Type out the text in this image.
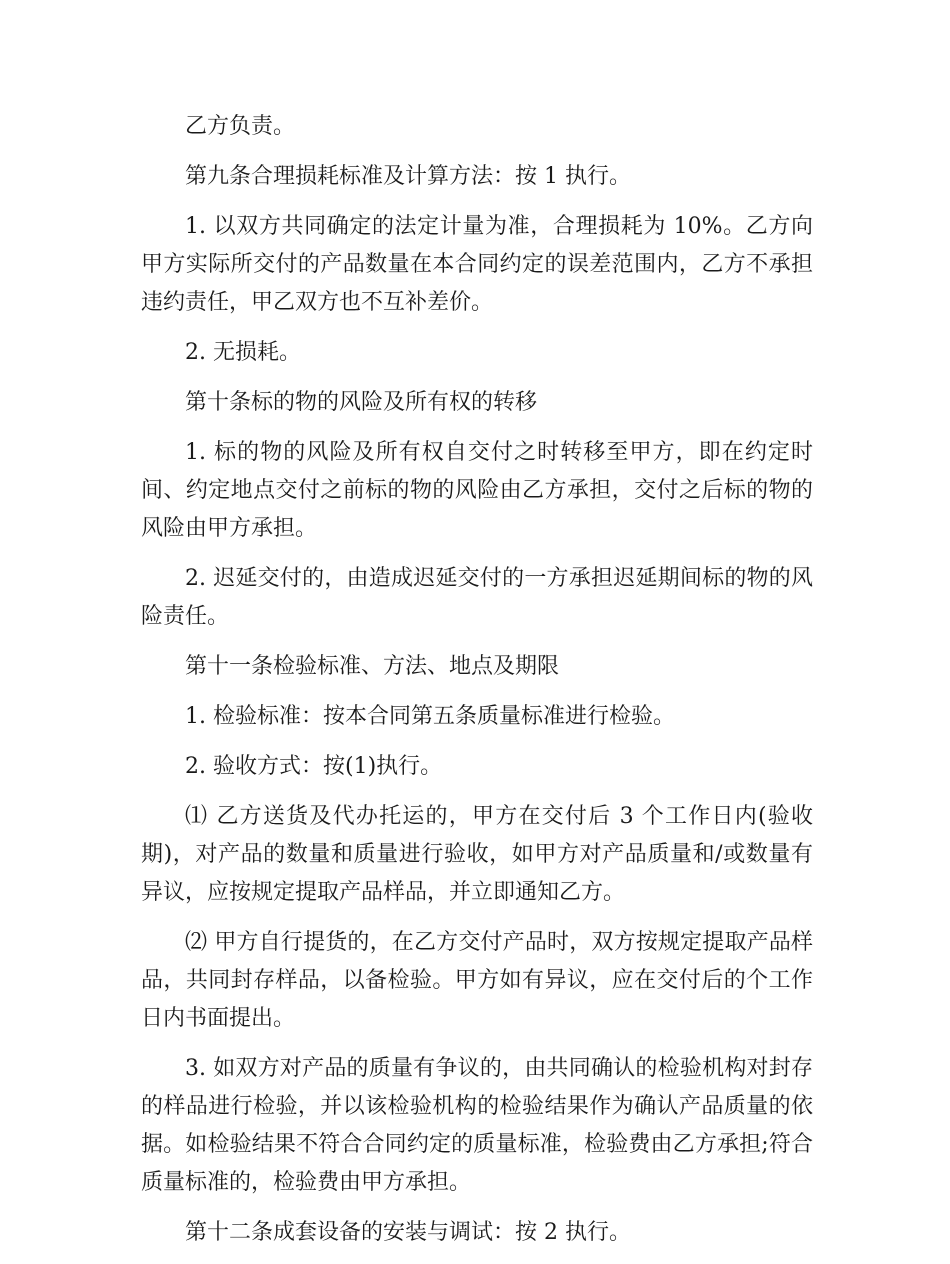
乙方负责。

第九条合理损耗标准及计算方法：按 1 执行。

1. 以双方共同确定的法定计量为准，合理损耗为 10%。乙方向甲方实际所交付的产品数量在本合同约定的误差范围内，乙方不承担违约责任，甲乙双方也不互补差价。

2. 无损耗。

第十条标的物的风险及所有权的转移

1. 标的物的风险及所有权自交付之时转移至甲方，即在约定时间、约定地点交付之前标的物的风险由乙方承担，交付之后标的物的风险由甲方承担。

2. 迟延交付的，由造成迟延交付的一方承担迟延期间标的物的风险责任。

第十一条检验标准、方法、地点及期限

1. 检验标准：按本合同第五条质量标准进行检验。

2. 验收方式：按(1)执行。

⑴ 乙方送货及代办托运的，甲方在交付后 3 个工作日内(验收期)，对产品的数量和质量进行验收，如甲方对产品质量和/或数量有异议，应按规定提取产品样品，并立即通知乙方。

⑵ 甲方自行提货的，在乙方交付产品时，双方按规定提取产品样品，共同封存样品，以备检验。甲方如有异议，应在交付后的个工作日内书面提出。

3. 如双方对产品的质量有争议的，由共同确认的检验机构对封存的样品进行检验，并以该检验机构的检验结果作为确认产品质量的依据。如检验结果不符合合同约定的质量标准，检验费由乙方承担;符合质量标准的，检验费由甲方承担。

第十二条成套设备的安装与调试：按 2 执行。
